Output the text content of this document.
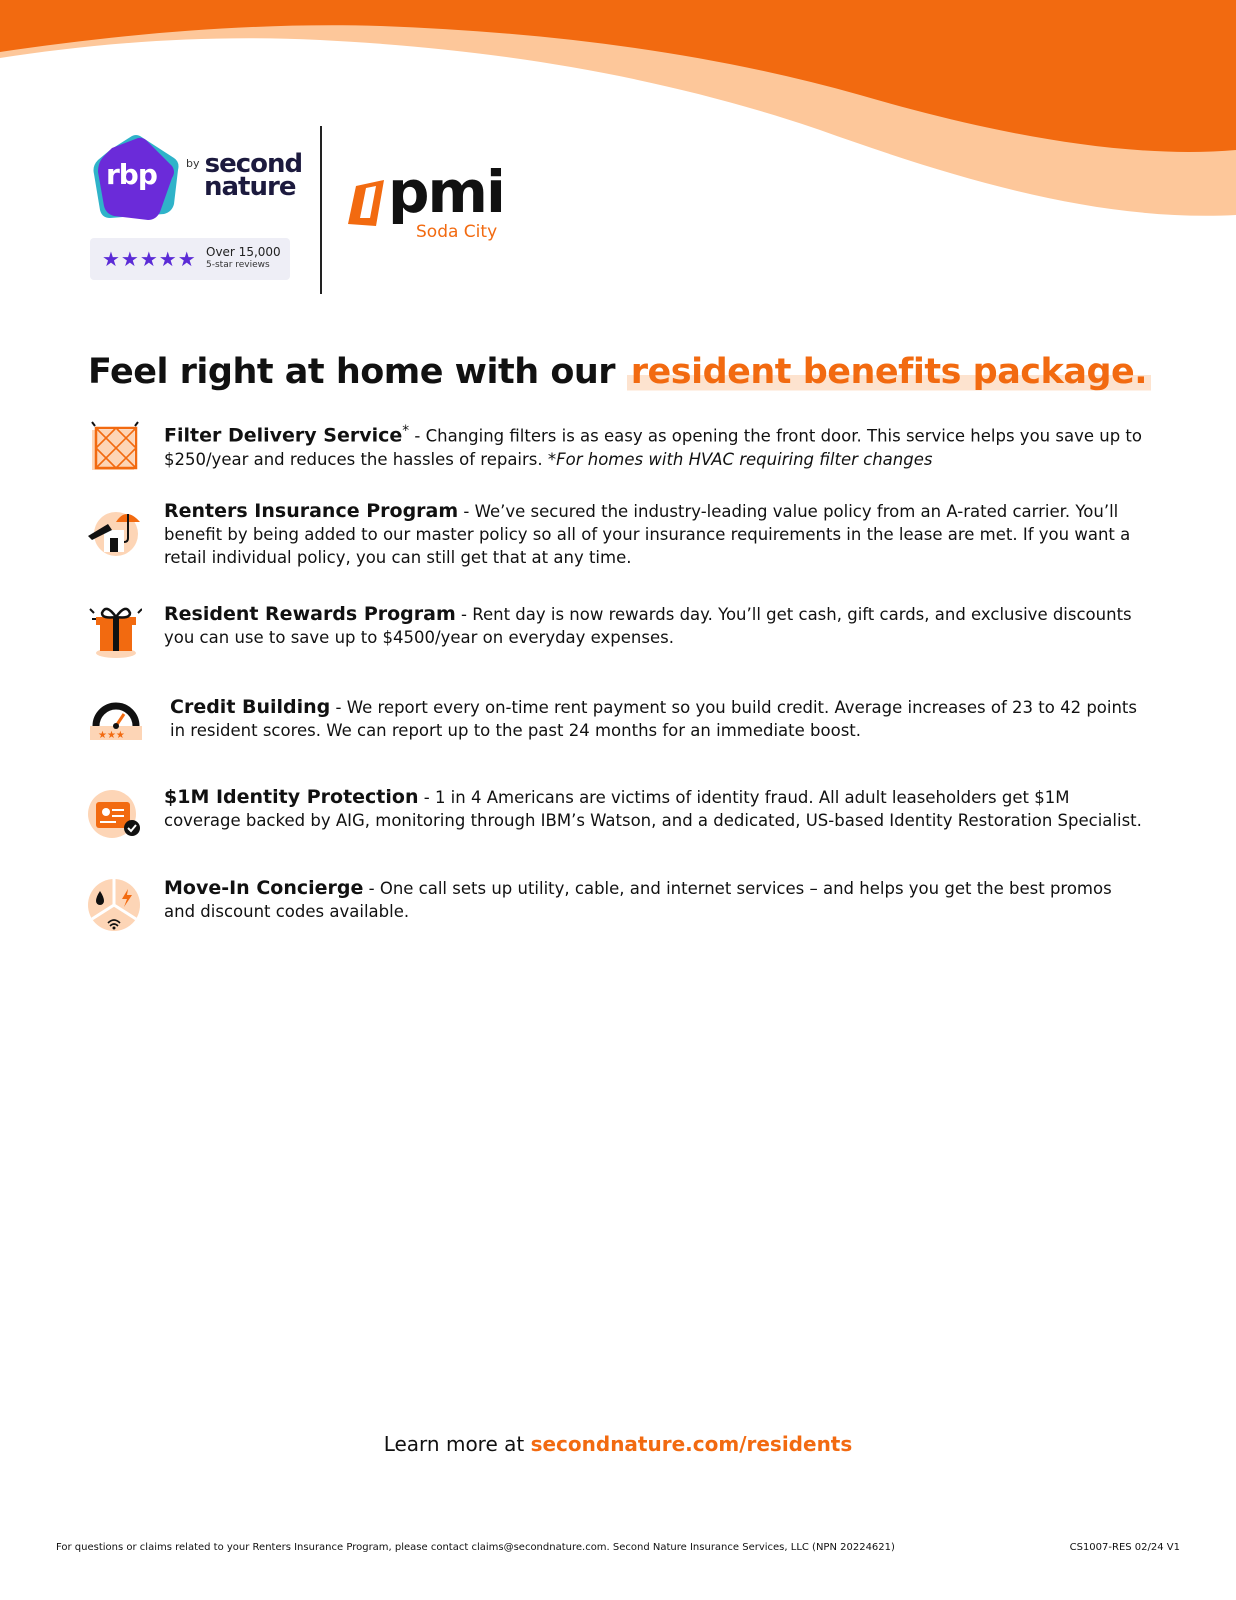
rbp	$^{by}$ second
nature
★★★★★ Over 15,000
5-star reviews
pmi
Soda City
Feel right at home with our resident benefits package.
Filter Delivery Service* - Changing filters is as easy as opening the front door. This service helps you save up to $250/year and reduces the hassles of repairs. *For homes with HVAC requiring filter changes
Renters Insurance Program - We’ve secured the industry-leading value policy from an A-rated carrier. You’ll benefit by being added to our master policy so all of your insurance requirements in the lease are met. If you want a retail individual policy, you can still get that at any time.
Resident Rewards Program - Rent day is now rewards day. You’ll get cash, gift cards, and exclusive discounts you can use to save up to $4500/year on everyday expenses.
★★★
Credit Building - We report every on-time rent payment so you build credit. Average increases of 23 to 42 points in resident scores. We can report up to the past 24 months for an immediate boost.
$1M Identity Protection - 1 in 4 Americans are victims of identity fraud. All adult leaseholders get $1M coverage backed by AIG, monitoring through IBM’s Watson, and a dedicated, US-based Identity Restoration Specialist.
Move-In Concierge - One call sets up utility, cable, and internet services – and helps you get the best promos and discount codes available.
Learn more at secondnature.com/residents
For questions or claims related to your Renters Insurance Program, please contact claims@secondnature.com. Second Nature Insurance Services, LLC (NPN 20224621)	CS1007-RES 02/24 V1
